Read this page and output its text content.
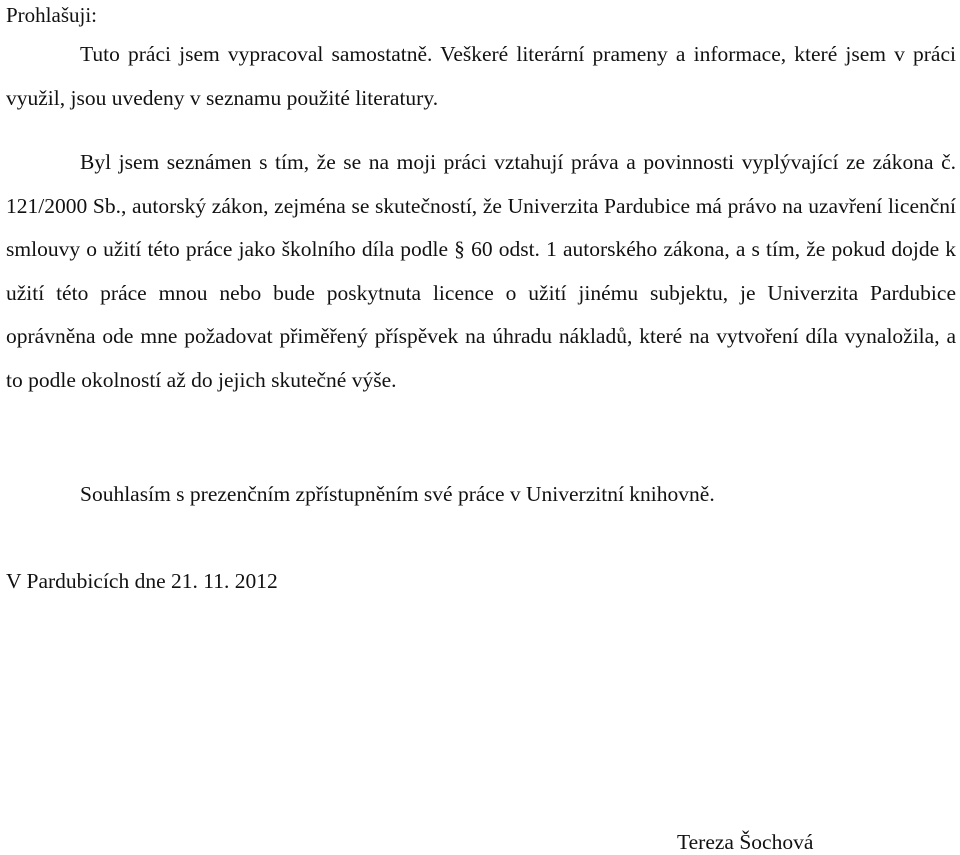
Prohlašuji:

Tuto práci jsem vypracoval samostatně. Veškeré literární prameny a informace, které jsem v práci využil, jsou uvedeny v seznamu použité literatury.

Byl jsem seznámen s tím, že se na moji práci vztahují práva a povinnosti vyplývající ze zákona č. 121/2000 Sb., autorský zákon, zejména se skutečností, že Univerzita Pardubice má právo na uzavření licenční smlouvy o užití této práce jako školního díla podle § 60 odst. 1 autorského zákona, a s tím, že pokud dojde k užití této práce mnou nebo bude poskytnuta licence o užití jinému subjektu, je Univerzita Pardubice oprávněna ode mne požadovat přiměřený příspěvek na úhradu nákladů, které na vytvoření díla vynaložila, a to podle okolností až do jejich skutečné výše.

Souhlasím s prezenčním zpřístupněním své práce v Univerzitní knihovně.

V Pardubicích dne 21. 11. 2012

Tereza Šochová
